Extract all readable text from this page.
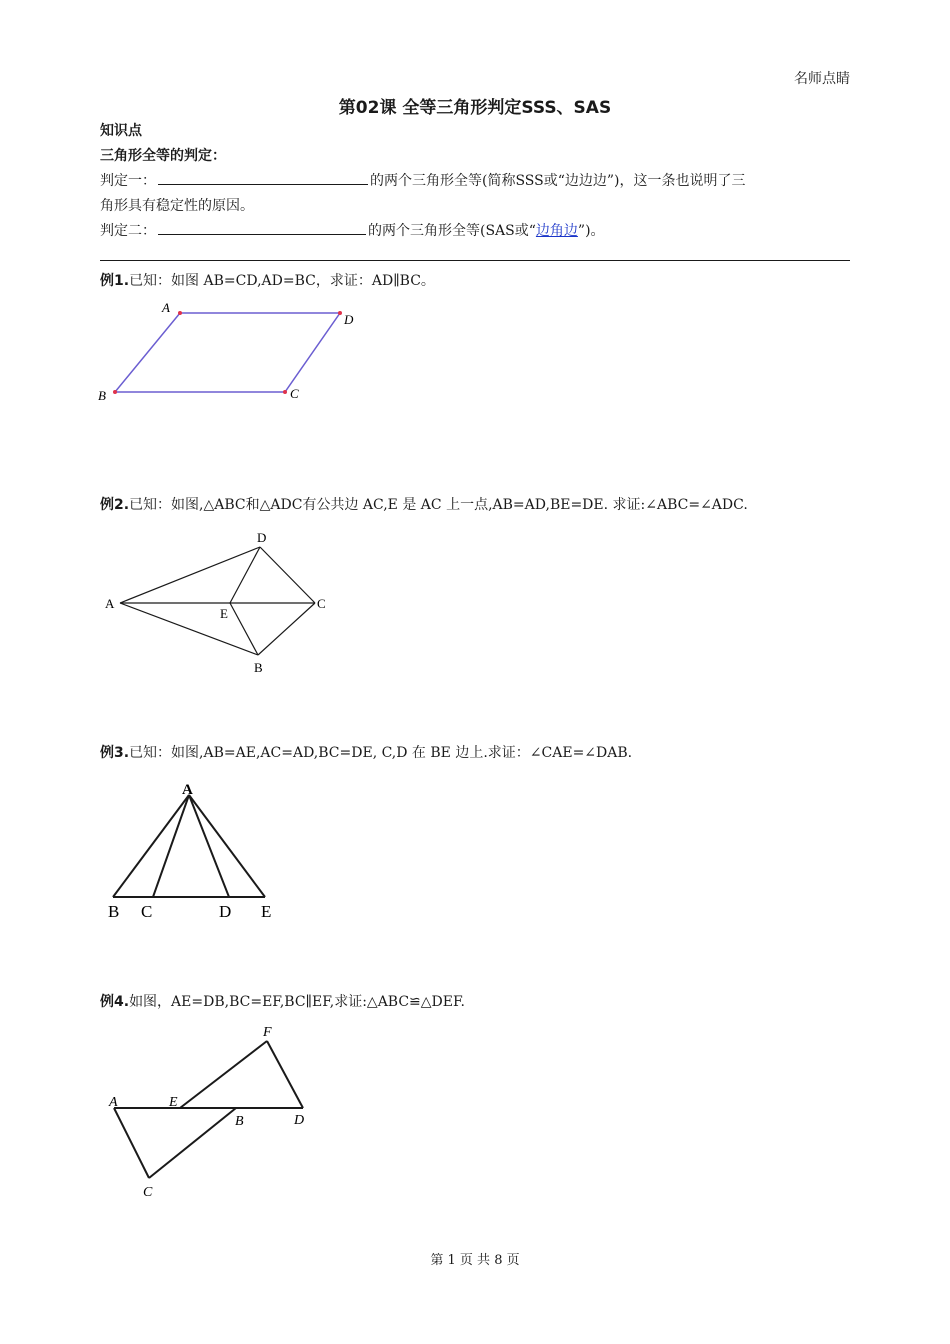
名师点睛
第02课 全等三角形判定SSS、SAS
知识点
三角形全等的判定：
判定一：	的两个三角形全等(简称SSS或“边边边”)，这一条也说明了三
角形具有稳定性的原因。
判定二：	的两个三角形全等(SAS或“边角边”)。
例1.已知：如图 AB=CD,AD=BC，求证：AD∥BC。
A
B	C
D
例2.已知：如图,△ABC和△ADC有公共边 AC,E 是 AC 上一点,AB=AD,BE=DE. 求证:∠ABC=∠ADC.
A
B
C
D
E
例3.已知：如图,AB=AE,AC=AD,BC=DE, C,D 在 BE 边上.求证：∠CAE=∠DAB.
A
B C	D E
例4.如图，AE=DB,BC=EF,BC∥EF,求证:△ABC≌△DEF.
A
B
C
D
E
F
第 1 页 共 8 页
